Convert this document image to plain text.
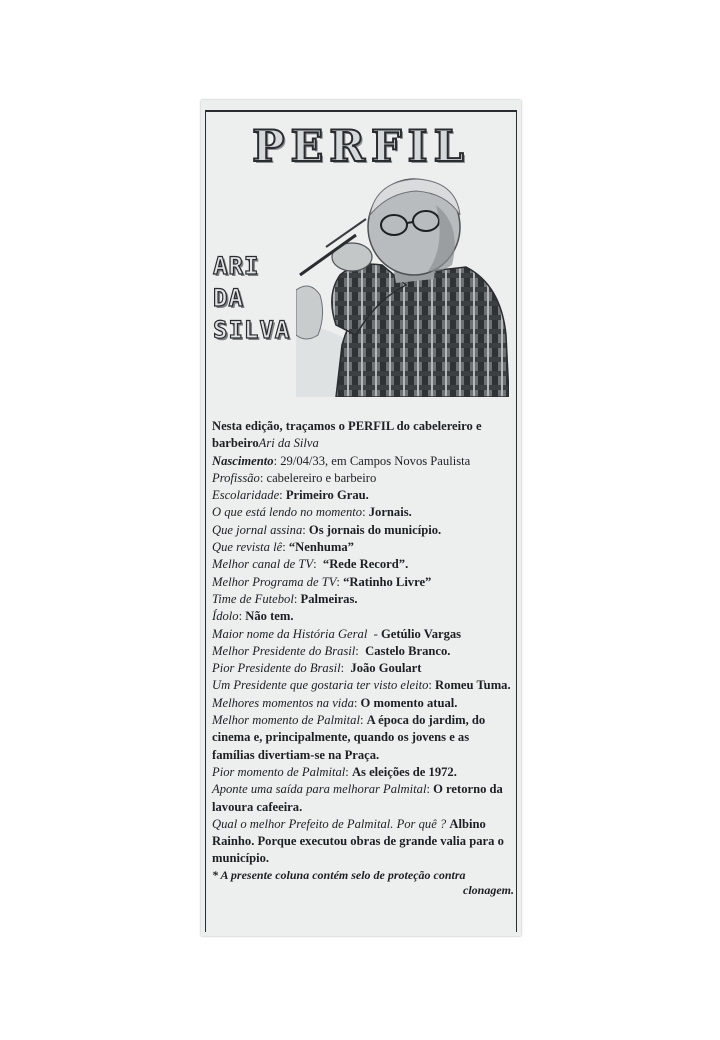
PERFIL
ARI
DA
SILVA

Nesta edição, traçamos o PERFIL do cabelereiro e barbeiroAri da Silva

Nascimento: 29/04/33, em Campos Novos Paulista

Profissão: cabelereiro e barbeiro

Escolaridade: Primeiro Grau.

O que está lendo no momento: Jornais.

Que jornal assina: Os jornais do município.

Que revista lê: “Nenhuma”

Melhor canal de TV:  “Rede Record”.

Melhor Programa de TV: “Ratinho Livre”

Time de Futebol: Palmeiras.

Ídolo: Não tem.

Maior nome da História Geral  - Getúlio Vargas

Melhor Presidente do Brasil:  Castelo Branco.

Pior Presidente do Brasil:  João Goulart

Um Presidente que gostaria ter visto eleito: Romeu Tuma.

Melhores momentos na vida: O momento atual.

Melhor momento de Palmital: A época do jardim, do cinema e, principalmente, quando os jovens e as famílias divertiam-se na Praça.

Pior momento de Palmital: As eleições de 1972.

Aponte uma saída para melhorar Palmital: O retorno da lavoura cafeeira.

Qual o melhor Prefeito de Palmital. Por quê ? Albino Rainho. Porque executou obras de grande valia para o município.

* A presente coluna contém selo de proteção contra

clonagem.
